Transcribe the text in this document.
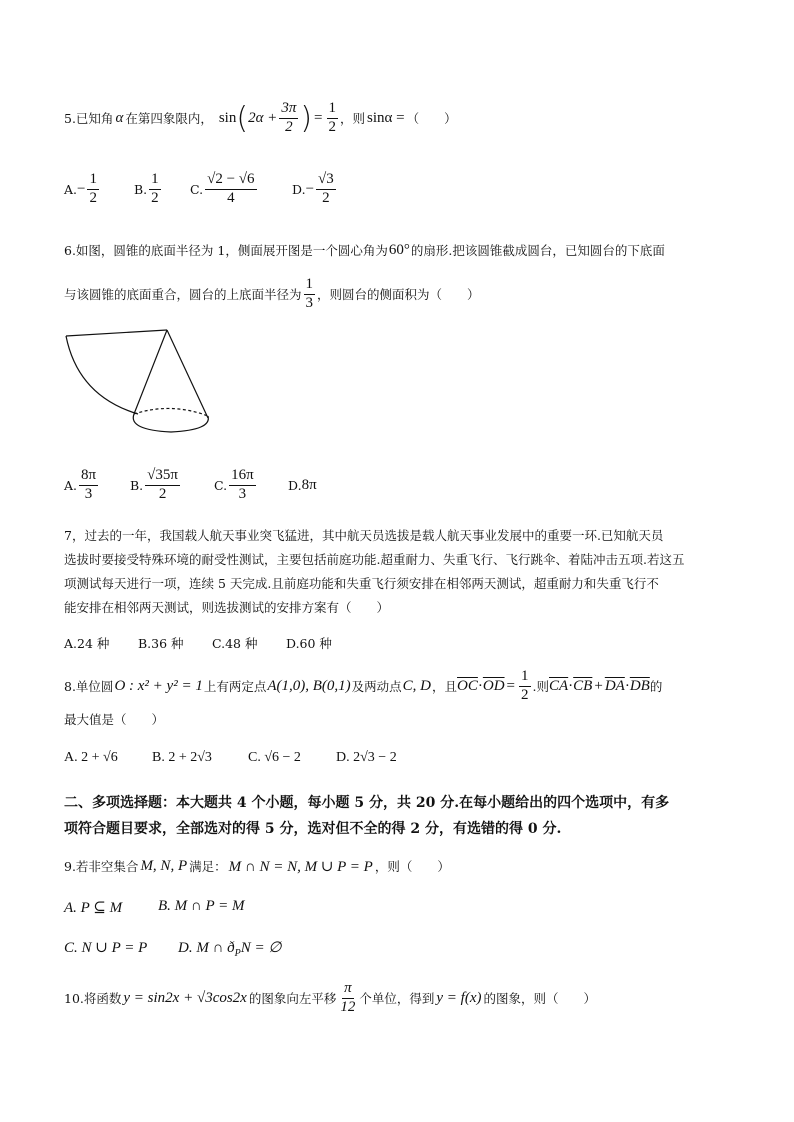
5.已知角 α 在第四象限内， sin ( $2\alpha + \frac{3\pi}{2}$ ) = $\frac{1}{2}$ ，则 sinα = （　　）
A. − $\frac{1}{2}$	B. $\frac{1}{2} C$. $\frac{√2 - √6}{4}$	D. − $\frac{√3}{2}$
6.如图，圆锥的底面半径为 1，侧面展开图是一个圆心角为 60° 的扇形.把该圆锥截成圆台，已知圆台的下底面
与该圆锥的底面重合，圆台的上底面半径为 $\frac{1}{3}$ ，则圆台的侧面积为（　　）
A. $\frac{8\pi}{3}$	B. $\frac{√35\pi}{2}$	C. $\frac{16\pi}{3}$	D. 8π
7，过去的一年，我国载人航天事业突飞猛进，其中航天员选拔是载人航天事业发展中的重要一环.已知航天员
选拔时要接受特殊环境的耐受性测试，主要包括前庭功能.超重耐力、失重飞行、飞行跳伞、着陆冲击五项.若这五
项测试每天进行一项，连续 5 天完成.且前庭功能和失重飞行须安排在相邻两天测试，超重耐力和失重飞行不
能安排在相邻两天测试，则选拔测试的安排方案有（　　）
A.24 种	B.36 种	C.48 种	D.60 种
8.单位圆 O : x² + y² = 1 上有两定点 A(1,0), B(0,1) 及两动点 C, D ，且 $\overline{OC} \cdot \overline{OD} = \frac{1}{2}$ .则 $\overline{CA} \cdot \overline{CB} + \overline{DA} \cdot \overline{DB}$ 的
最大值是（　　）
A. 2 + √6	B. 2 + 2√3	C. √6 − 2	D. 2√3 − 2
二、多项选择题：本大题共 4 个小题，每小题 5 分，共 20 分.在每小题给出的四个选项中，有多
项符合题目要求，全部选对的得 5 分，选对但不全的得 2 分，有选错的得 0 分.
9.若非空集合 M, N, P 满足： M ∩ N = N, M ∪ P = P ，则（　　）
A. P ⊆ M	B. M ∩ P = M
C. N ∪ P = P	D. M ∩ $ð_PN$ = ∅
10.将函数 y = sin2x + √3cos2x 的图象向左平移 $\frac{\pi}{12}$ 个单位，得到 y = f(x) 的图象，则（　　）
